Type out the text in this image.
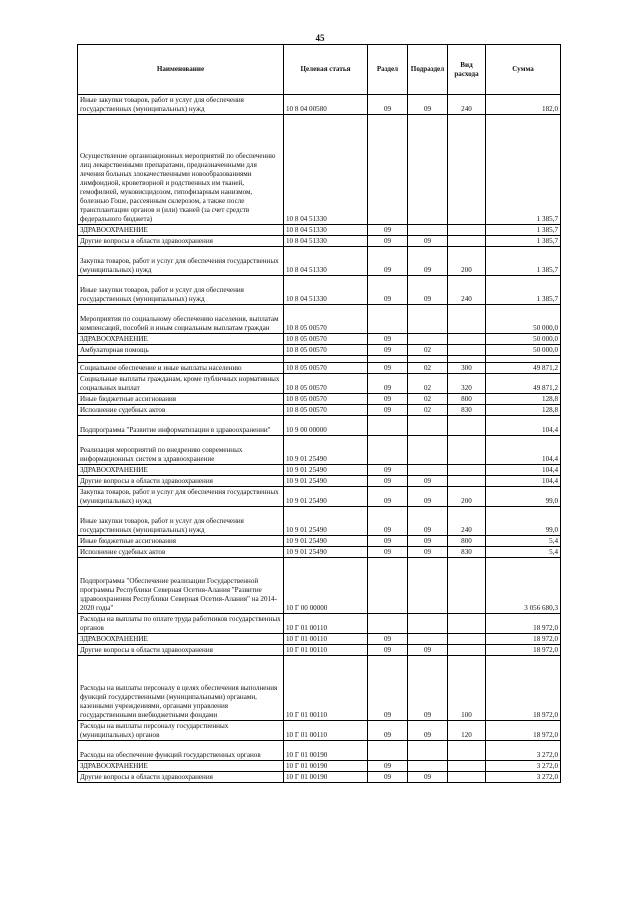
45
Наименование	Целевая статья	Раздел	Подраздел	Вид расхода	Сумма
Иные закупки товаров, работ и услуг для обеспечения государственных (муниципальных) нужд	10 8 04 00580	09	09	240	182,0
Осуществление организационных мероприятий по обеспечению лиц лекарственными препаратами, предназначенными для лечения больных злокачественными новообразованиями лимфоидной, кроветворной и родственных им тканей, гемофилией, муковисцидозом, гипофизарным нанизмом, болезнью Гоше, рассеянным склерозом, а также после трансплантации органов и (или) тканей (за счет средств федерального бюджета)	10 8 04 51330				1 385,7
ЗДРАВООХРАНЕНИЕ	10 8 04 51330	09			1 385,7
Другие вопросы в области здравоохранения	10 8 04 51330	09	09		1 385,7
Закупка товаров, работ и услуг для обеспечения государственных (муниципальных) нужд	10 8 04 51330	09	09	200	1 385,7
Иные закупки товаров, работ и услуг для обеспечения государственных (муниципальных) нужд	10 8 04 51330	09	09	240	1 385,7
Мероприятия по социальному обеспечению населения, выплатам компенсаций, пособий и иным социальным выплатам граждан	10 8 05 00570				50 000,0
ЗДРАВООХРАНЕНИЕ	10 8 05 00570	09			50 000,0
Амбулаторная помощь	10 8 05 00570	09	02		50 000,0

Социальное обеспечение и иные выплаты населению	10 8 05 00570	09	02	300	49 871,2
Социальные выплаты гражданам, кроме публичных нормативных социальных выплат	10 8 05 00570	09	02	320	49 871,2
Иные бюджетные ассигнования	10 8 05 00570	09	02	800	128,8
Исполнение судебных актов	10 8 05 00570	09	02	830	128,8
Подпрограмма "Развитие информатизации в здравоохранении"	10 9 00 00000				104,4
Реализация мероприятий по внедрению современных информационных систем в здравоохранение	10 9 01 25490				104,4
ЗДРАВООХРАНЕНИЕ	10 9 01 25490	09			104,4
Другие вопросы в области здравоохранения	10 9 01 25490	09	09		104,4
Закупка товаров, работ и услуг для обеспечения государственных (муниципальных) нужд	10 9 01 25490	09	09	200	99,0
Иные закупки товаров, работ и услуг для обеспечения государственных (муниципальных) нужд	10 9 01 25490	09	09	240	99,0
Иные бюджетные ассигнования	10 9 01 25490	09	09	800	5,4
Исполнение судебных актов	10 9 01 25490	09	09	830	5,4
Подпрограмма "Обеспечение реализации Государственной программы Республики Северная Осетия-Алания "Развитие здравоохранения Республики Северная Осетия-Алания" на 2014-2020 годы"	10 Г 00 00000				3 056 680,3
Расходы на выплаты по оплате труда работников государственных органов	10 Г 01 00110				18 972,0
ЗДРАВООХРАНЕНИЕ	10 Г 01 00110	09			18 972,0
Другие вопросы в области здравоохранения	10 Г 01 00110	09	09		18 972,0
Расходы на выплаты персоналу в целях обеспечения выполнения функций государственными (муниципальными) органами, казенными учреждениями, органами управления государственными внебюджетными фондами	10 Г 01 00110	09	09	100	18 972,0
Расходы на выплаты персоналу государственных (муниципальных) органов	10 Г 01 00110	09	09	120	18 972,0
Расходы на обеспечение функций государственных органов	10 Г 01 00190				3 272,0
ЗДРАВООХРАНЕНИЕ	10 Г 01 00190	09			3 272,0
Другие вопросы в области здравоохранения	10 Г 01 00190	09	09		3 272,0
